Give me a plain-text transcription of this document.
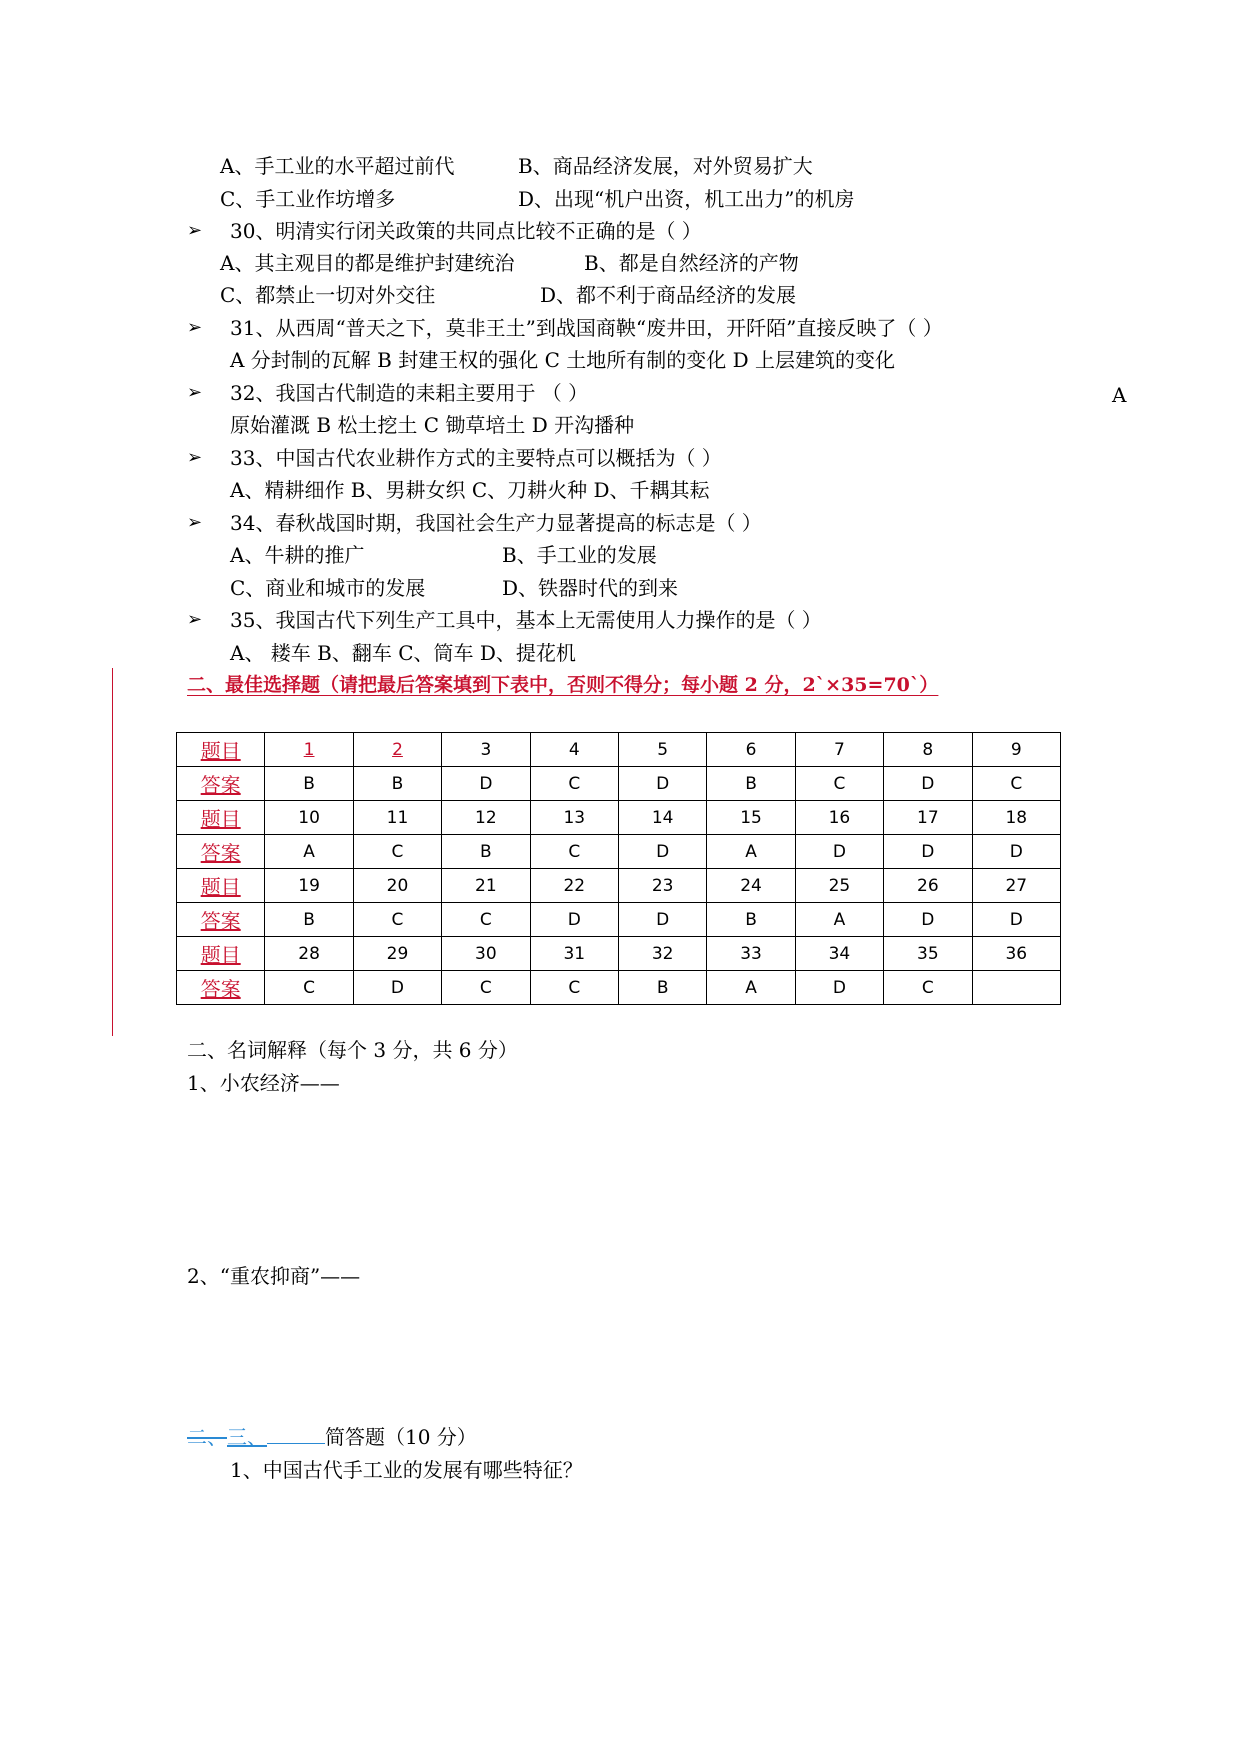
A、手工业的水平超过前代	B、商品经济发展，对外贸易扩大
C、手工业作坊增多	D、出现“机户出资，机工出力”的机房
➢ 30、明清实行闭关政策的共同点比较不正确的是（ ）
A、其主观目的都是维护封建统治	B、都是自然经济的产物
C、都禁止一切对外交往	D、都不利于商品经济的发展
➢ 31、从西周“普天之下，莫非王土”到战国商鞅“废井田，开阡陌”直接反映了（ ）
A 分封制的瓦解 B 封建王权的强化 C 土地所有制的变化 D 上层建筑的变化
➢ 32、我国古代制造的耒耜主要用于 （ ）	A
原始灌溉 B 松土挖土 C 锄草培土 D 开沟播种
➢ 33、中国古代农业耕作方式的主要特点可以概括为（ ）
A、精耕细作 B、男耕女织 C、刀耕火种 D、千耦其耘
➢ 34、春秋战国时期，我国社会生产力显著提高的标志是（ ）
A、牛耕的推广	B、手工业的发展
C、商业和城市的发展	D、铁器时代的到来
➢ 35、我国古代下列生产工具中，基本上无需使用人力操作的是（ ）
A、 耧车 B、翻车 C、筒车 D、提花机
二、最佳选择题（请把最后答案填到下表中，否则不得分；每小题 2 分，2`×35=70`）
题目	1	2	3	4	5	6	7	8	9
答案	B	B	D	C	D	B	C	D	C
题目	10	11	12	13	14	15	16	17	18
答案	A	C	B	C	D	A	D	D	D
题目	19	20	21	22	23	24	25	26	27
答案	B	C	C	D	D	B	A	D	D
题目	28	29	30	31	32	33	34	35	36
答案	C	D	C	C	B	A	D	C	
二、名词解释（每个 3 分，共 6 分）
1、小农经济——
2、“重农抑商”——
二、三、	简答题（10 分）
1、中国古代手工业的发展有哪些特征？
